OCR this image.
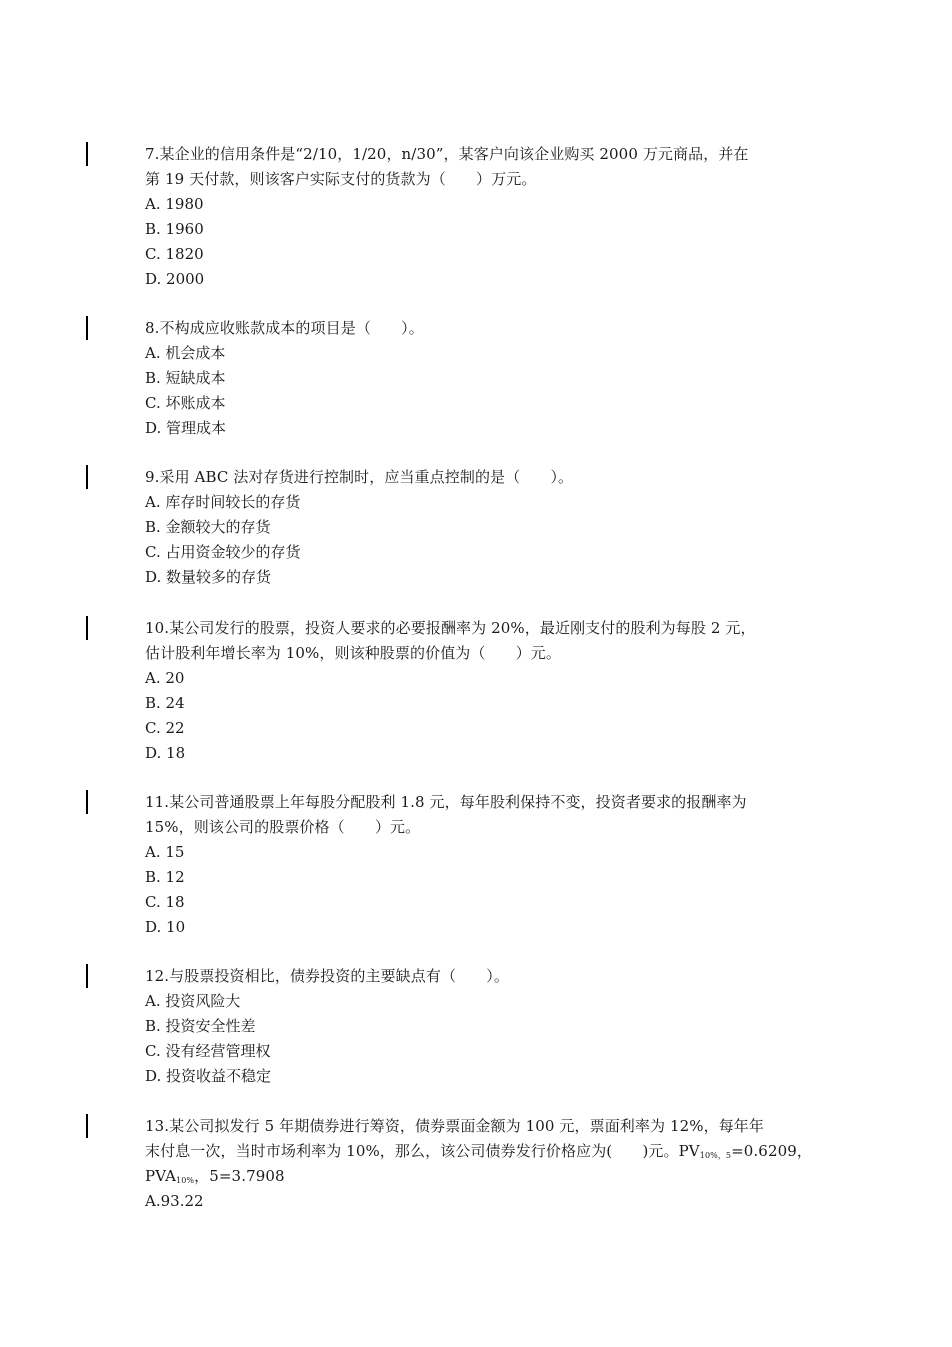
7.某企业的信用条件是“2/10，1/20，n/30”，某客户向该企业购买 2000 万元商品，并在
第 19 天付款，则该客户实际支付的货款为（　　）万元。
A. 1980
B. 1960
C. 1820
D. 2000
8.不构成应收账款成本的项目是（　　）。
A. 机会成本
B. 短缺成本
C. 坏账成本
D. 管理成本
9.采用 ABC 法对存货进行控制时，应当重点控制的是（　　）。
A. 库存时间较长的存货
B. 金额较大的存货
C. 占用资金较少的存货
D. 数量较多的存货
10.某公司发行的股票，投资人要求的必要报酬率为 20%，最近刚支付的股利为每股 2 元，
估计股利年增长率为 10%，则该种股票的价值为（　　）元。
A. 20
B. 24
C. 22
D. 18
11.某公司普通股票上年每股分配股利 1.8 元，每年股利保持不变，投资者要求的报酬率为
15%，则该公司的股票价格（　　）元。
A. 15
B. 12
C. 18
D. 10
12.与股票投资相比，债券投资的主要缺点有（　　）。
A. 投资风险大
B. 投资安全性差
C. 没有经营管理权
D. 投资收益不稳定
13.某公司拟发行 5 年期债券进行筹资，债券票面金额为 100 元，票面利率为 12%，每年年
末付息一次，当时市场利率为 10%，那么，该公司债券发行价格应为(　　)元。$PV_{10\%,5}=0.6209$，
$PVA_{10\%}$，5=3.7908
A.93.22
